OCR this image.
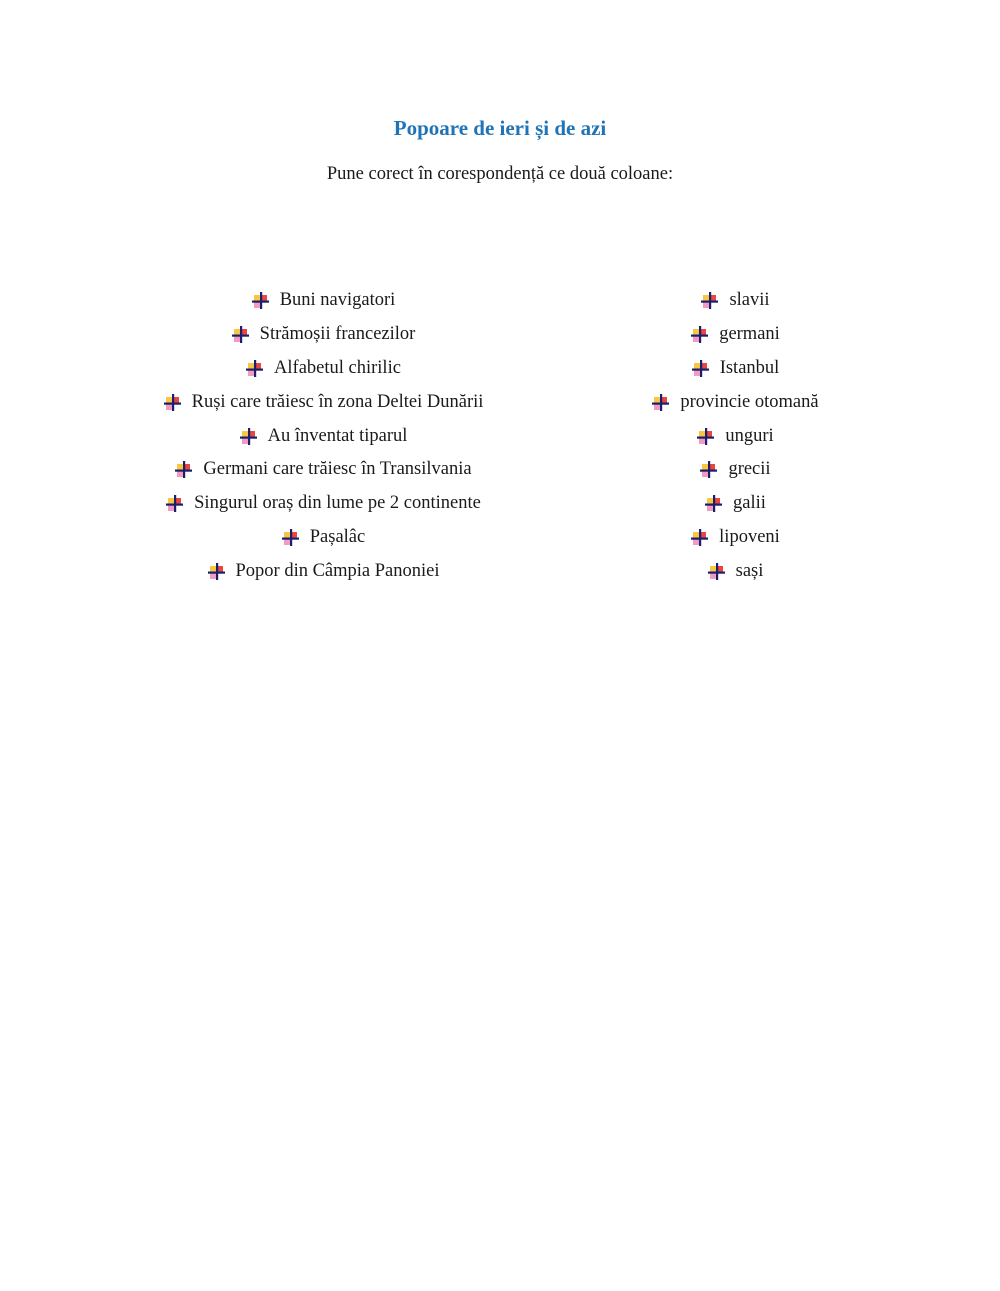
Popoare de ieri și de azi

Pune corect în corespondență ce două coloane:

Buni navigatori
Strămoșii francezilor
Alfabetul chirilic
Ruși care trăiesc în zona Deltei Dunării
Au înventat tiparul
Germani care trăiesc în Transilvania
Singurul oraș din lume pe 2 continente
Pașalâc
Popor din Câmpia Panoniei
slavii
germani
Istanbul
provincie otomană
unguri
grecii
galii
lipoveni
sași
